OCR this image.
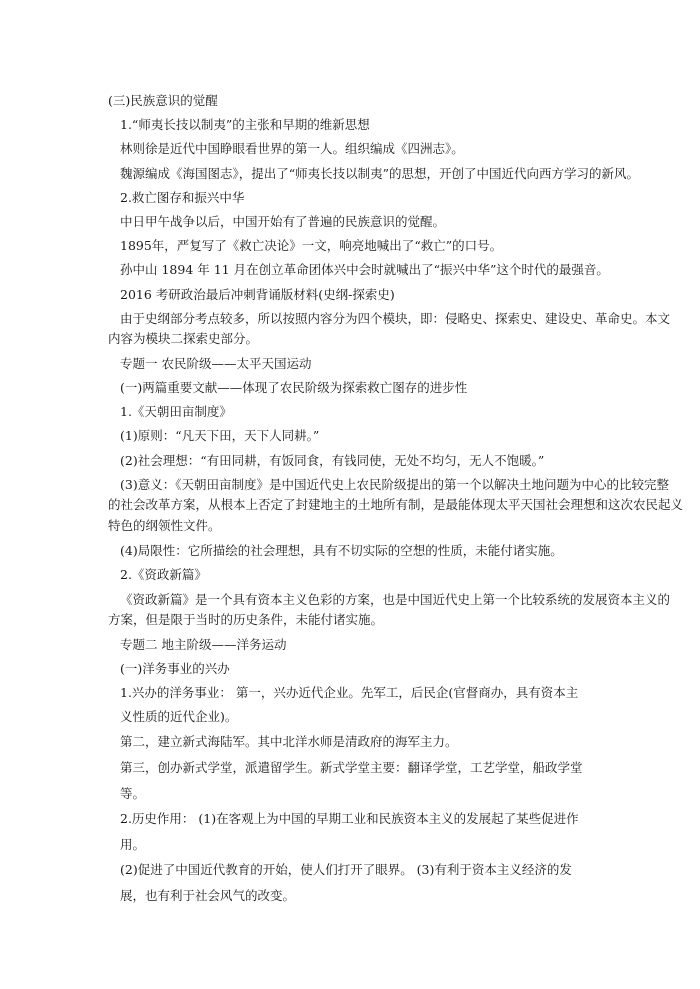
(三)民族意识的觉醒
1.“师夷长技以制夷”的主张和早期的维新思想
林则徐是近代中国睁眼看世界的第一人。组织编成《四洲志》。
魏源编成《海国图志》，提出了“师夷长技以制夷”的思想，开创了中国近代向西方学习的新风。
2.救亡图存和振兴中华
中日甲午战争以后，中国开始有了普遍的民族意识的觉醒。
1895年，严复写了《救亡决论》一文，响亮地喊出了“救亡”的口号。
孙中山 1894 年 11 月在创立革命团体兴中会时就喊出了“振兴中华”这个时代的最强音。
2016 考研政治最后冲刺背诵版材料(史纲-探索史)
由于史纲部分考点较多，所以按照内容分为四个模块，即：侵略史、探索史、建设史、革命史。本文
内容为模块二探索史部分。
专题一 农民阶级——太平天国运动
(一)两篇重要文献——体现了农民阶级为探索救亡图存的进步性
1.《天朝田亩制度》
(1)原则：“凡天下田，天下人同耕。”
(2)社会理想：“有田同耕，有饭同食，有钱同使，无处不均匀，无人不饱暖。”
(3)意义：《天朝田亩制度》是中国近代史上农民阶级提出的第一个以解决土地问题为中心的比较完整
的社会改革方案，从根本上否定了封建地主的土地所有制，是最能体现太平天国社会理想和这次农民起义
特色的纲领性文件。
(4)局限性：它所描绘的社会理想，具有不切实际的空想的性质，未能付诸实施。
2.《资政新篇》
《资政新篇》是一个具有资本主义色彩的方案，也是中国近代史上第一个比较系统的发展资本主义的
方案，但是限于当时的历史条件，未能付诸实施。
专题二 地主阶级——洋务运动
(一)洋务事业的兴办
1.兴办的洋务事业： 第一，兴办近代企业。先军工，后民企(官督商办，具有资本主
义性质的近代企业)。
第二，建立新式海陆军。其中北洋水师是清政府的海军主力。
第三，创办新式学堂，派遣留学生。新式学堂主要：翻译学堂，工艺学堂，船政学堂
等。
2.历史作用： (1)在客观上为中国的早期工业和民族资本主义的发展起了某些促进作
用。
(2)促进了中国近代教育的开始，使人们打开了眼界。 (3)有利于资本主义经济的发
展，也有利于社会风气的改变。
